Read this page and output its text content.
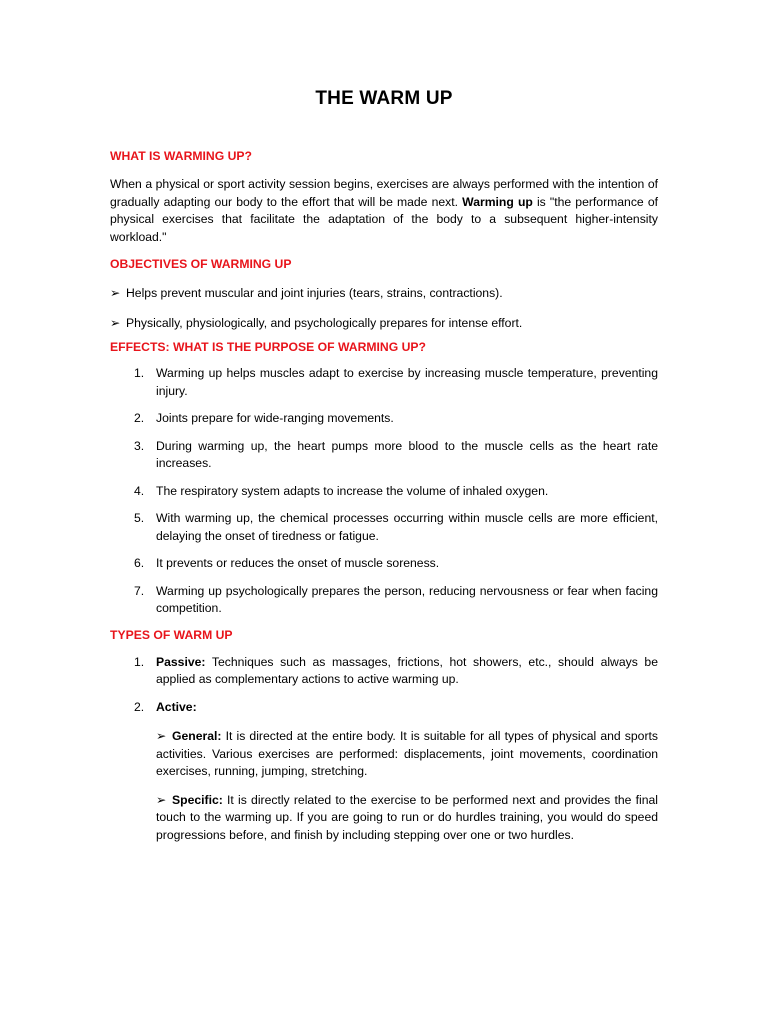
THE WARM UP
WHAT IS WARMING UP?

When a physical or sport activity session begins, exercises are always performed with the intention of gradually adapting our body to the effort that will be made next. Warming up is "the performance of physical exercises that facilitate the adaptation of the body to a subsequent higher-intensity workload."

OBJECTIVES OF WARMING UP

➢ Helps prevent muscular and joint injuries (tears, strains, contractions).

➢ Physically, physiologically, and psychologically prepares for intense effort.

EFFECTS: WHAT IS THE PURPOSE OF WARMING UP?
1. Warming up helps muscles adapt to exercise by increasing muscle temperature, preventing injury.
2. Joints prepare for wide-ranging movements.
3. During warming up, the heart pumps more blood to the muscle cells as the heart rate increases.
4. The respiratory system adapts to increase the volume of inhaled oxygen.
5. With warming up, the chemical processes occurring within muscle cells are more efficient, delaying the onset of tiredness or fatigue.
6. It prevents or reduces the onset of muscle soreness.
7. Warming up psychologically prepares the person, reducing nervousness or fear when facing competition.
TYPES OF WARM UP
1. Passive: Techniques such as massages, frictions, hot showers, etc., should always be applied as complementary actions to active warming up.
2. Active:

➢ General: It is directed at the entire body. It is suitable for all types of physical and sports activities. Various exercises are performed: displacements, joint movements, coordination exercises, running, jumping, stretching.

➢ Specific: It is directly related to the exercise to be performed next and provides the final touch to the warming up. If you are going to run or do hurdles training, you would do speed progressions before, and finish by including stepping over one or two hurdles.
